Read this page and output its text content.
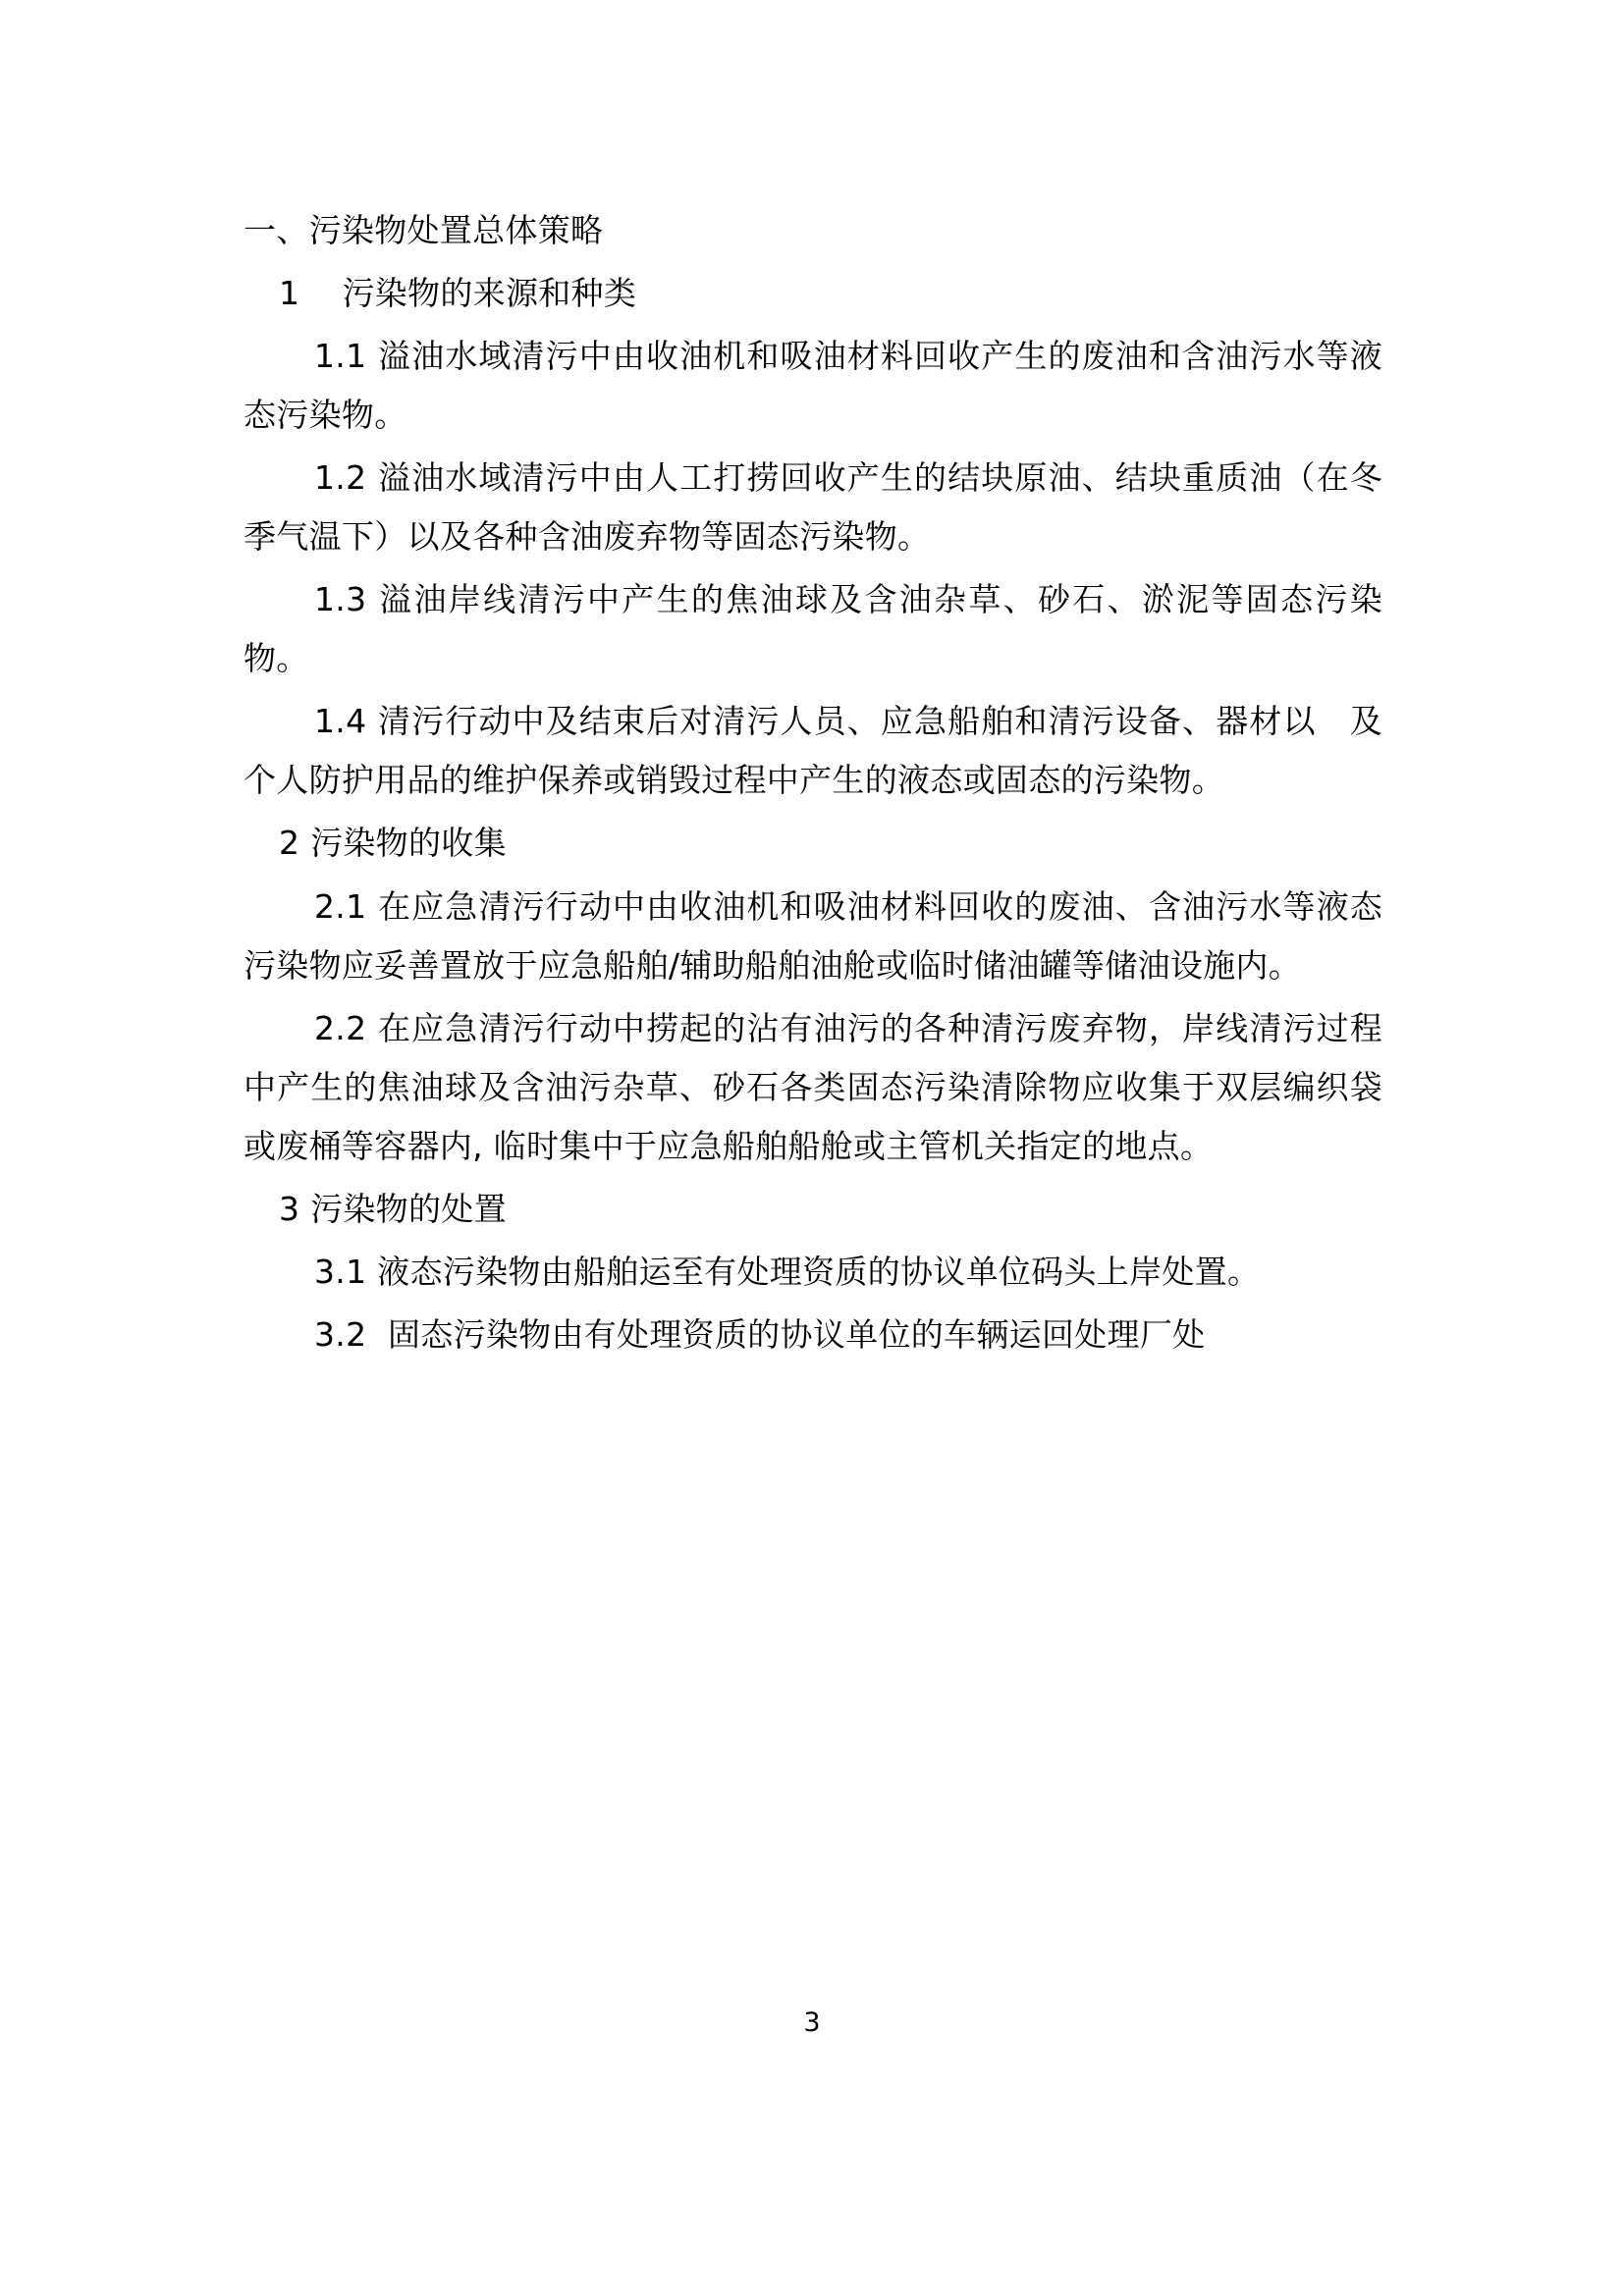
一、污染物处置总体策略

1    污染物的来源和种类

1.1 溢油水域清污中由收油机和吸油材料回收产生的废油和含油污水等液态污染物。

1.2 溢油水域清污中由人工打捞回收产生的结块原油、结块重质油（在冬季气温下）以及各种含油废弃物等固态污染物。

1.3 溢油岸线清污中产生的焦油球及含油杂草、砂石、淤泥等固态污染物。

1.4 清污行动中及结束后对清污人员、应急船舶和清污设备、器材以　及个人防护用品的维护保养或销毁过程中产生的液态或固态的污染物。

2 污染物的收集

2.1 在应急清污行动中由收油机和吸油材料回收的废油、含油污水等液态污染物应妥善置放于应急船舶/辅助船舶油舱或临时储油罐等储油设施内。

2.2 在应急清污行动中捞起的沾有油污的各种清污废弃物，岸线清污过程中产生的焦油球及含油污杂草、砂石各类固态污染清除物应收集于双层编织袋或废桶等容器内, 临时集中于应急船舶船舱或主管机关指定的地点。

3 污染物的处置

3.1 液态污染物由船舶运至有处理资质的协议单位码头上岸处置。

3.2  固态污染物由有处理资质的协议单位的车辆运回处理厂处

3
